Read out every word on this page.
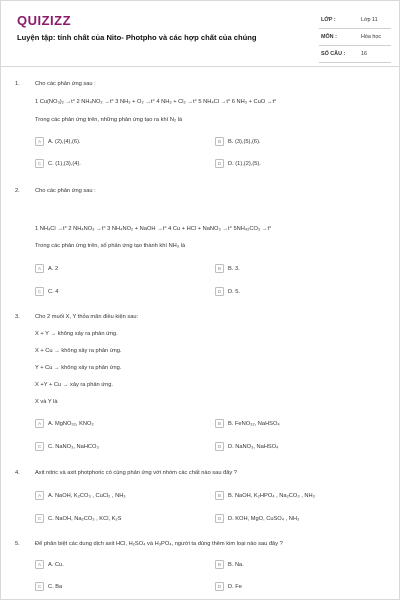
QUIZIZZ
Luyện tập: tính chất của Nito- Photpho và các hợp chất của chúng
LỚP :	Lớp 11
MÔN :	Hóa học
SỐ CÂU :	16
1.	Cho các phản ứng sau :
1 Cu(NO₃)₂ →t° 2 NH₄NO₂ →t° 3 NH₃ + O₂ →t° 4 NH₃ + Cl₂ →t° 5 NH₄Cl →t° 6 NH₃ + CuO →t°
Trong các phản ứng trên, những phản ứng tạo ra khí N₂ là
A	A. (2),(4),(6).	B	B. (3),(5),(6).
C	C. (1),(3),(4).	D	D. (1),(2),(5).
2.	Cho các phản ứng sau :
1 NH₄Cl →t° 2 NH₄NO₃ →t° 3 NH₄NO₂ + NaOH →t° 4 Cu + HCl + NaNO₃ →t° 5NH₄₂CO₃ →t°
Trong các phản ứng trên, số phản ứng tạo thành khí NH₃ là
A	A. 2	B	B. 3.
C	C. 4	D	D. 5.
3.	Cho 2 muối X, Y thỏa mãn điều kiện sau:
X + Y → không xảy ra phản ứng.
X + Cu → không xảy ra phản ứng.
Y + Cu → không xảy ra phản ứng.
X +Y + Cu → xảy ra phản ứng.
X và Y là
A	A. MgNO₃₂, KNO₃	B	B. FeNO₃₂, NaHSO₄
C	C. NaNO₃, NaHCO₃	D	D. NaNO₃, NaHSO₄
4.	Axit nitric và axit photphoric có cùng phản ứng với nhóm các chất nào sau đây ?
A	A. NaOH, K₂CO₃ , CuCl₂ , NH₃	B	B. NaOH, K₂HPO₄ , Na₂CO₃ , NH₃
C	C. NaOH, Na₂CO₃ , KCl, K₂S	D	D. KOH, MgO, CuSO₄ , NH₃
5.	Để phân biệt các dung dịch axit HCl, H₂SO₄ và H₃PO₄, người ta dùng thêm kim loại nào sau đây ?
A	A. Cu.	B	B. Na.
C	C. Ba	D	D. Fe
